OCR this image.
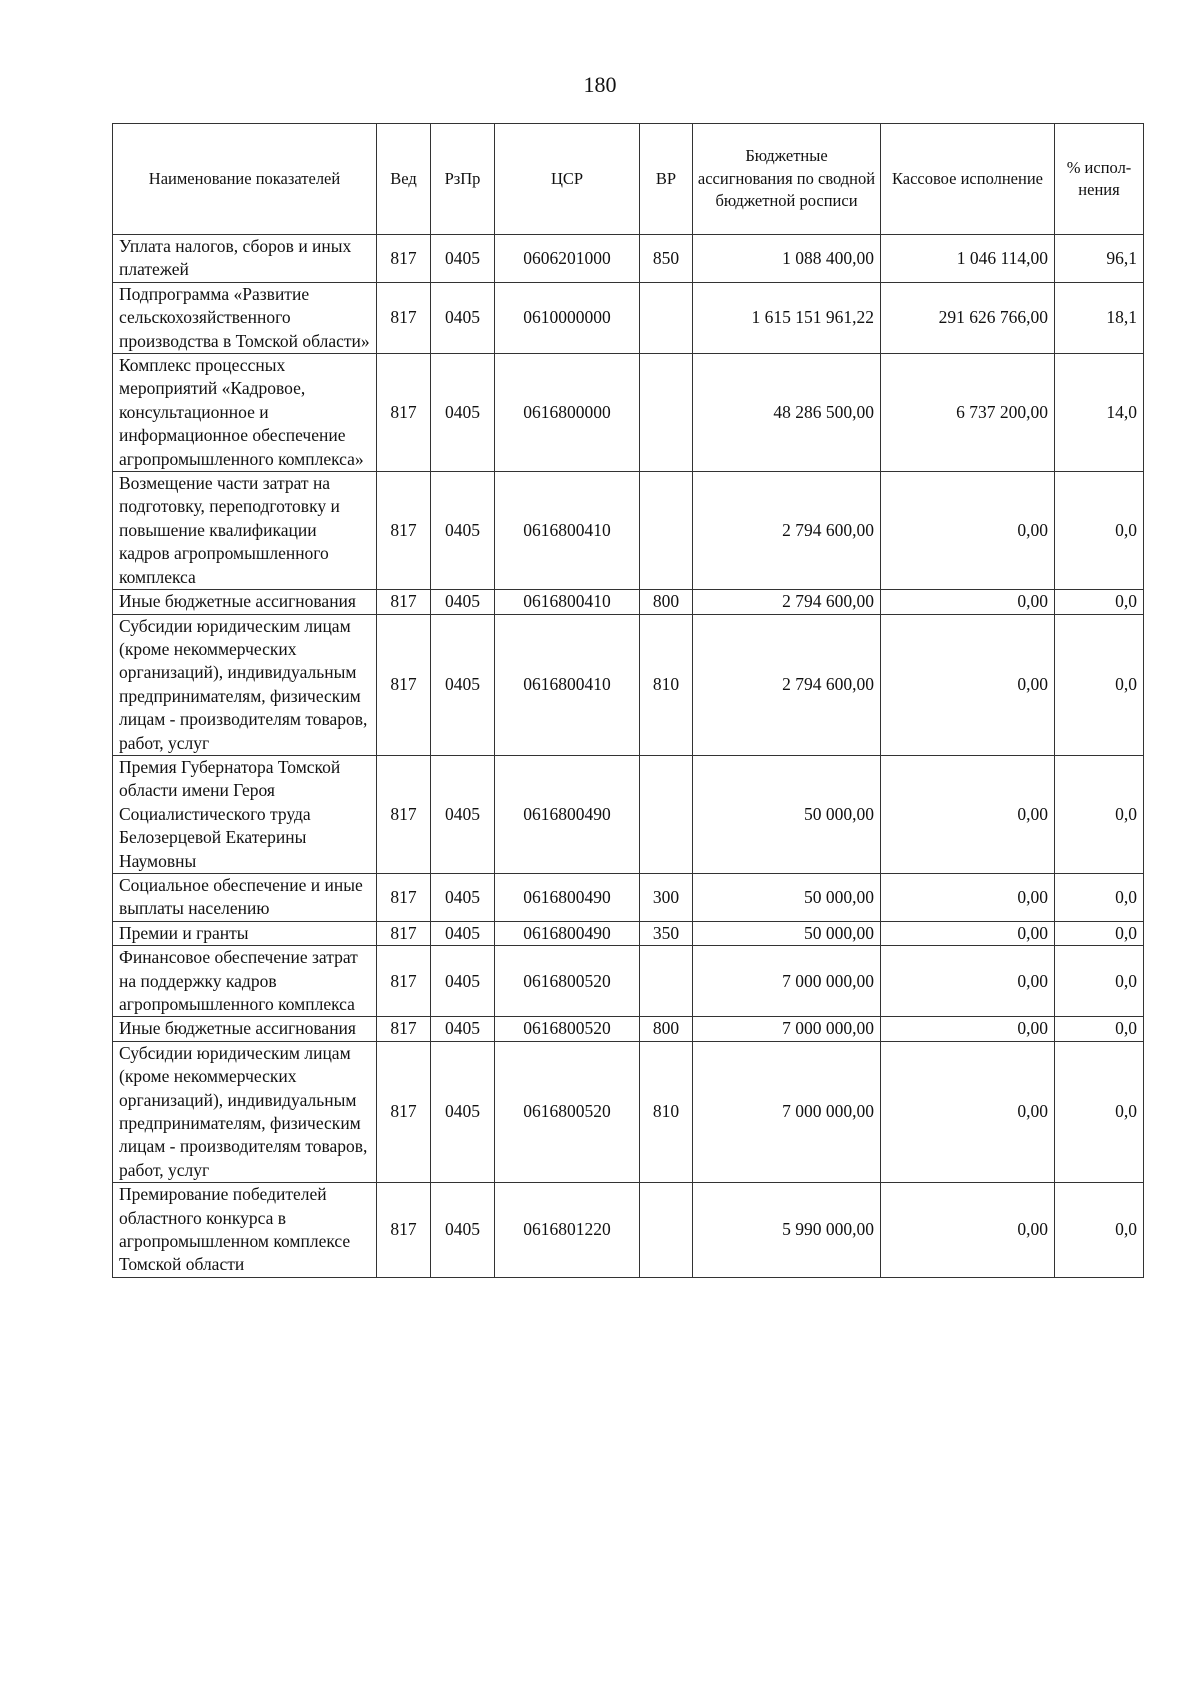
180
Наименование показателей	Вед	РзПр	ЦСР	ВР	Бюджетные ассигнования по сводной бюджетной росписи	Кассовое исполнение	% испол-нения
Уплата налогов, сборов и иных платежей	817	0405	0606201000	850	1 088 400,00	1 046 114,00	96,1
Подпрограмма «Развитие сельскохозяйственного производства в Томской области»	817	0405	0610000000		1 615 151 961,22	291 626 766,00	18,1
Комплекс процессных мероприятий «Кадровое, консультационное и информационное обеспечение агропромышленного комплекса»	817	0405	0616800000		48 286 500,00	6 737 200,00	14,0
Возмещение части затрат на подготовку, переподготовку и повышение квалификации кадров агропромышленного комплекса	817	0405	0616800410		2 794 600,00	0,00	0,0
Иные бюджетные ассигнования	817	0405	0616800410	800	2 794 600,00	0,00	0,0
Субсидии юридическим лицам (кроме некоммерческих организаций), индивидуальным предпринимателям, физическим лицам - производителям товаров, работ, услуг	817	0405	0616800410	810	2 794 600,00	0,00	0,0
Премия Губернатора Томской области имени Героя Социалистического труда Белозерцевой Екатерины Наумовны	817	0405	0616800490		50 000,00	0,00	0,0
Социальное обеспечение и иные выплаты населению	817	0405	0616800490	300	50 000,00	0,00	0,0
Премии и гранты	817	0405	0616800490	350	50 000,00	0,00	0,0
Финансовое обеспечение затрат на поддержку кадров агропромышленного комплекса	817	0405	0616800520		7 000 000,00	0,00	0,0
Иные бюджетные ассигнования	817	0405	0616800520	800	7 000 000,00	0,00	0,0
Субсидии юридическим лицам (кроме некоммерческих организаций), индивидуальным предпринимателям, физическим лицам - производителям товаров, работ, услуг	817	0405	0616800520	810	7 000 000,00	0,00	0,0
Премирование победителей областного конкурса в агропромышленном комплексе Томской области	817	0405	0616801220		5 990 000,00	0,00	0,0
